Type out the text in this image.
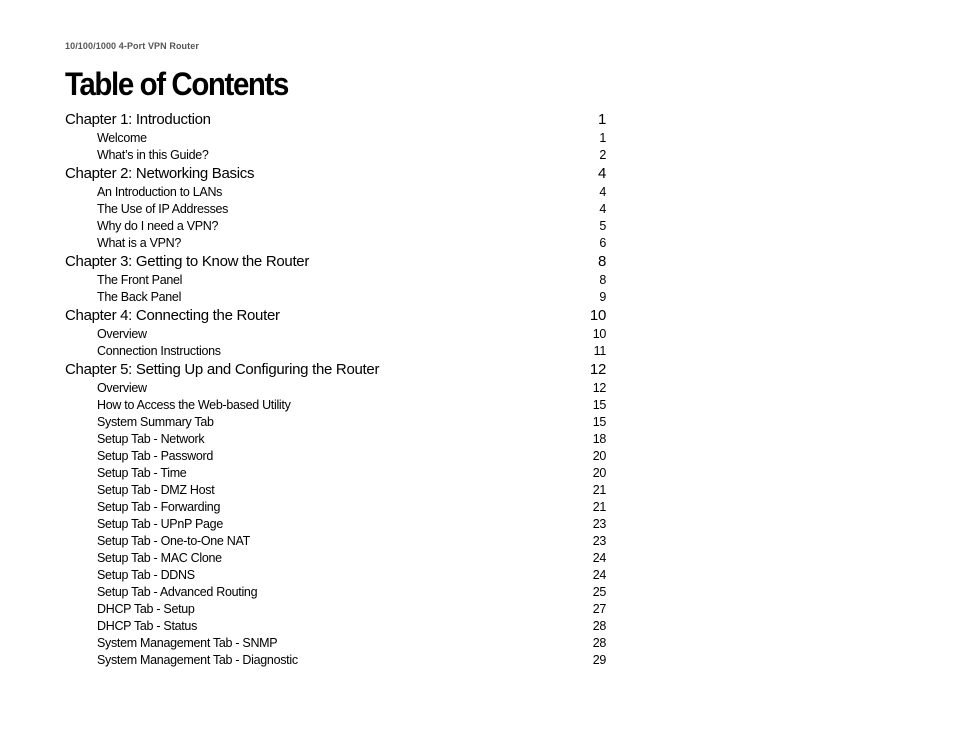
10/100/1000 4-Port VPN Router
Table of Contents
Chapter 1: Introduction	1
Welcome	1
What’s in this Guide?	2
Chapter 2: Networking Basics	4
An Introduction to LANs	4
The Use of IP Addresses	4
Why do I need a VPN?	5
What is a VPN?	6
Chapter 3: Getting to Know the Router	8
The Front Panel	8
The Back Panel	9
Chapter 4: Connecting the Router	10
Overview	10
Connection Instructions	11
Chapter 5: Setting Up and Configuring the Router	12
Overview	12
How to Access the Web-based Utility	15
System Summary Tab	15
Setup Tab - Network	18
Setup Tab - Password	20
Setup Tab - Time	20
Setup Tab - DMZ Host	21
Setup Tab - Forwarding	21
Setup Tab - UPnP Page	23
Setup Tab - One-to-One NAT	23
Setup Tab - MAC Clone	24
Setup Tab - DDNS	24
Setup Tab - Advanced Routing	25
DHCP Tab - Setup	27
DHCP Tab - Status	28
System Management Tab - SNMP	28
System Management Tab - Diagnostic	29
